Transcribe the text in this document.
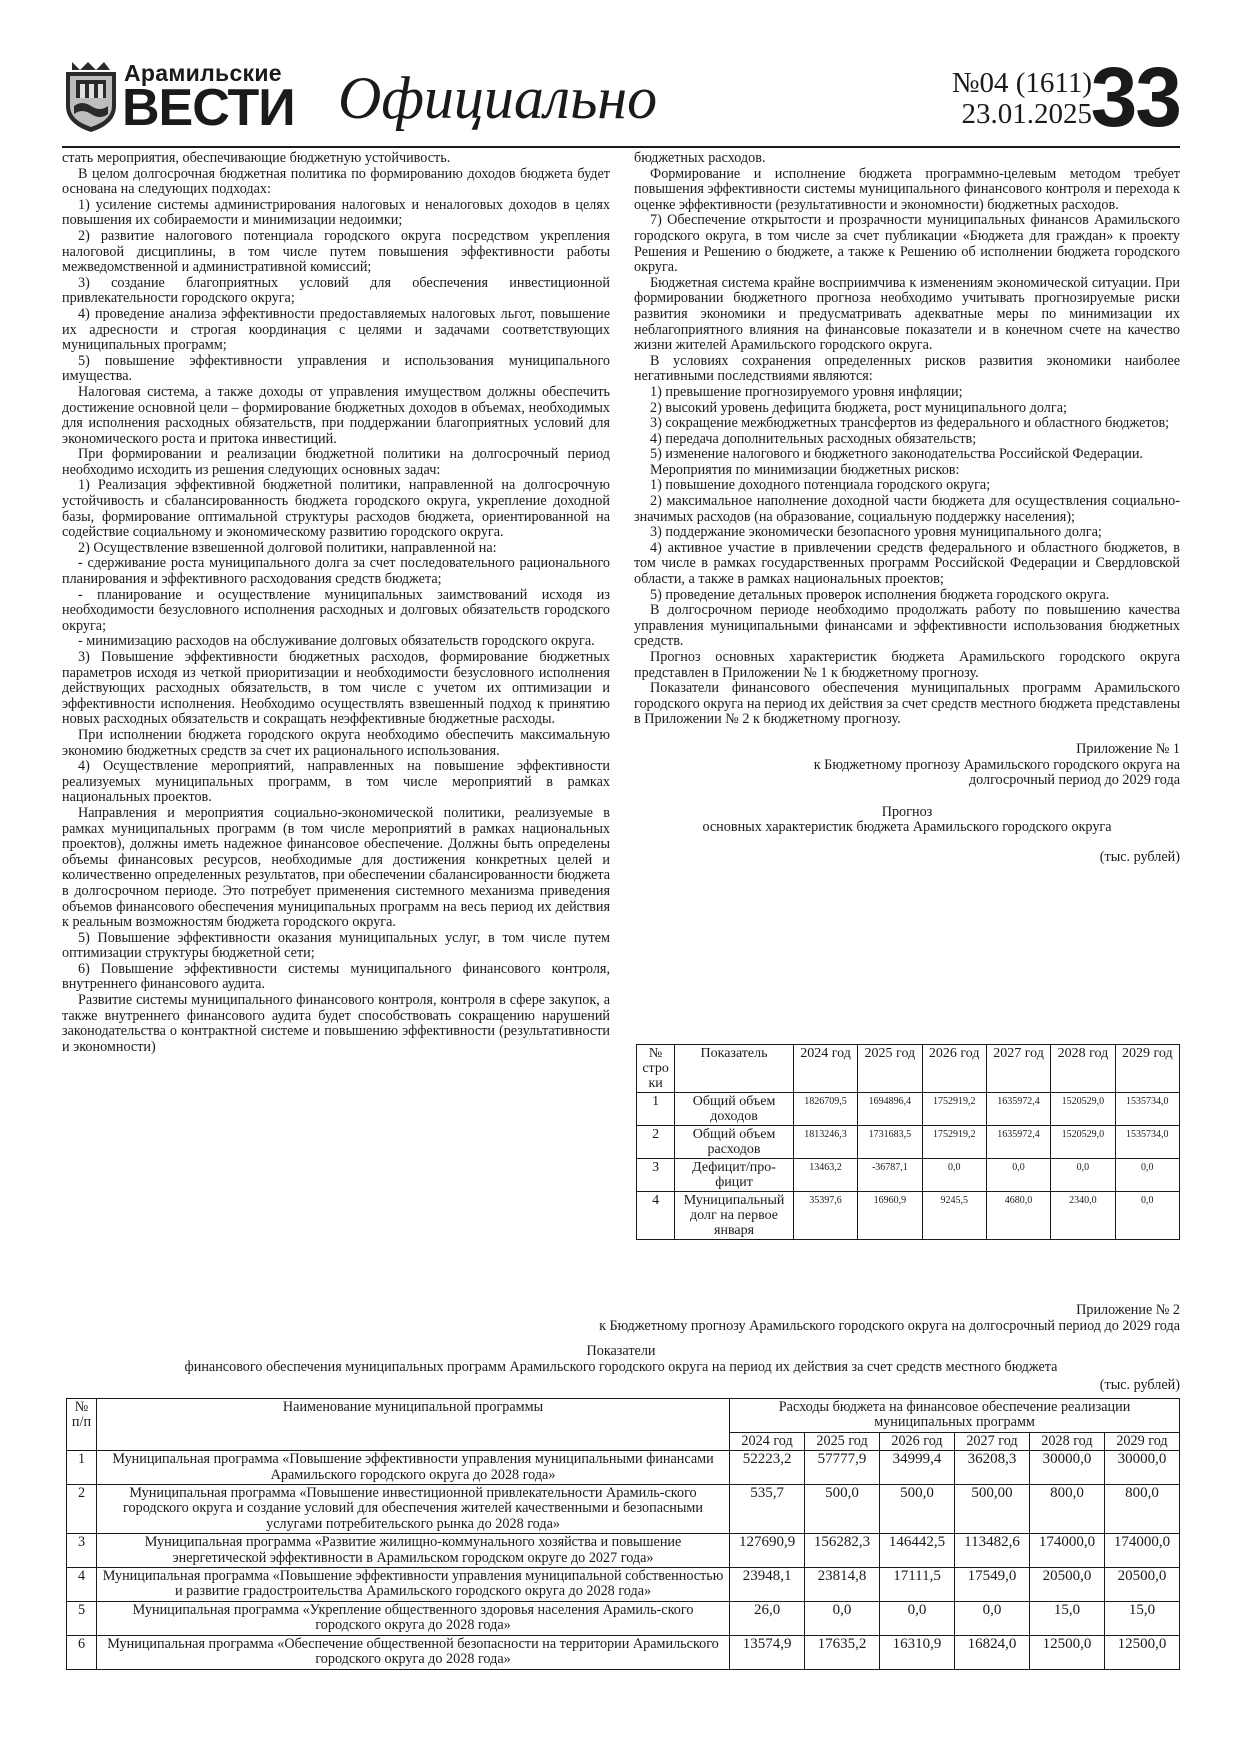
Арамильские
ВЕСТИ Официально	№04 (1611)
23.01.2025
33

стать мероприятия, обеспечивающие бюджетную устойчивость.

В целом долгосрочная бюджетная политика по формированию доходов бюджета будет основана на следующих подходах:

1) усиление системы администрирования налоговых и неналоговых доходов в целях повышения их собираемости и минимизации недоимки;

2) развитие налогового потенциала городского округа посредством укрепления налоговой дисциплины, в том числе путем повышения эффективности работы межведомственной и административной комиссий;

3) создание благоприятных условий для обеспечения инвестиционной привлекательности городского округа;

4) проведение анализа эффективности предоставляемых налоговых льгот, повышение их адресности и строгая координация с целями и задачами соответствующих муниципальных программ;

5) повышение эффективности управления и использования муниципального имущества.

Налоговая система, а также доходы от управления имуществом должны обеспечить достижение основной цели – формирование бюджетных доходов в объемах, необходимых для исполнения расходных обязательств, при поддержании благоприятных условий для экономического роста и притока инвестиций.

При формировании и реализации бюджетной политики на долгосрочный период необходимо исходить из решения следующих основных задач:

1) Реализация эффективной бюджетной политики, направленной на долгосрочную устойчивость и сбалансированность бюджета городского округа, укрепление доходной базы, формирование оптимальной структуры расходов бюджета, ориентированной на содействие социальному и экономическому развитию городского округа.

2) Осуществление взвешенной долговой политики, направленной на:

- сдерживание роста муниципального долга за счет последовательного рационального планирования и эффективного расходования средств бюджета;

- планирование и осуществление муниципальных заимствований исходя из необходимости безусловного исполнения расходных и долговых обязательств городского округа;

- минимизацию расходов на обслуживание долговых обязательств городского округа.

3) Повышение эффективности бюджетных расходов, формирование бюджетных параметров исходя из четкой приоритизации и необходимости безусловного исполнения действующих расходных обязательств, в том числе с учетом их оптимизации и эффективности исполнения. Необходимо осуществлять взвешенный подход к принятию новых расходных обязательств и сокращать неэффективные бюджетные расходы.

При исполнении бюджета городского округа необходимо обеспечить максимальную экономию бюджетных средств за счет их рационального использования.

4) Осуществление мероприятий, направленных на повышение эффективности реализуемых муниципальных программ, в том числе мероприятий в рамках национальных проектов.

Направления и мероприятия социально-экономической политики, реализуемые в рамках муниципальных программ (в том числе мероприятий в рамках национальных проектов), должны иметь надежное финансовое обеспечение. Должны быть определены объемы финансовых ресурсов, необходимые для достижения конкретных целей и количественно определенных результатов, при обеспечении сбалансированности бюджета в долгосрочном периоде. Это потребует применения системного механизма приведения объемов финансового обеспечения муниципальных программ на весь период их действия к реальным возможностям бюджета городского округа.

5) Повышение эффективности оказания муниципальных услуг, в том числе путем оптимизации структуры бюджетной сети;

6) Повышение эффективности системы муниципального финансового контроля, внутреннего финансового аудита.

Развитие системы муниципального финансового контроля, контроля в сфере закупок, а также внутреннего финансового аудита будет способствовать сокращению нарушений законодательства о контрактной системе и повышению эффективности (результативности и экономности)

бюджетных расходов.

Формирование и исполнение бюджета программно-целевым методом требует повышения эффективности системы муниципального финансового контроля и перехода к оценке эффективности (результативности и экономности) бюджетных расходов.

7) Обеспечение открытости и прозрачности муниципальных финансов Арамильского городского округа, в том числе за счет публикации «Бюджета для граждан» к проекту Решения и Решению о бюджете, а также к Решению об исполнении бюджета городского округа.

Бюджетная система крайне восприимчива к изменениям экономической ситуации. При формировании бюджетного прогноза необходимо учитывать прогнозируемые риски развития экономики и предусматривать адекватные меры по минимизации их неблагоприятного влияния на финансовые показатели и в конечном счете на качество жизни жителей Арамильского городского округа.

В условиях сохранения определенных рисков развития экономики наиболее негативными последствиями являются:

1) превышение прогнозируемого уровня инфляции;

2) высокий уровень дефицита бюджета, рост муниципального долга;

3) сокращение межбюджетных трансфертов из федерального и областного бюджетов;

4) передача дополнительных расходных обязательств;

5) изменение налогового и бюджетного законодательства Российской Федерации.

Мероприятия по минимизации бюджетных рисков:

1) повышение доходного потенциала городского округа;

2) максимальное наполнение доходной части бюджета для осуществления социально-значимых расходов (на образование, социальную поддержку населения);

3) поддержание экономически безопасного уровня муниципального долга;

4) активное участие в привлечении средств федерального и областного бюджетов, в том числе в рамках государственных программ Российской Федерации и Свердловской области, а также в рамках национальных проектов;

5) проведение детальных проверок исполнения бюджета городского округа.

В долгосрочном периоде необходимо продолжать работу по повышению качества управления муниципальными финансами и эффективности использования бюджетных средств.

Прогноз основных характеристик бюджета Арамильского городского округа представлен в Приложении № 1 к бюджетному прогнозу.

Показатели финансового обеспечения муниципальных программ Арамильского городского округа на период их действия за счет средств местного бюджета представлены в Приложении № 2 к бюджетному прогнозу.

Приложение № 1
к Бюджетному прогнозу Арамильского городского округа на
долгосрочный период до 2029 года
Прогноз
основных характеристик бюджета Арамильского городского округа
(тыс. рублей)
№ стро ки	Показатель	2024 год	2025 год	2026 год	2027 год	2028 год	2029 год
1	Общий объем доходов	1826709,5	1694896,4	1752919,2	1635972,4	1520529,0	1535734,0
2	Общий объем расходов	1813246,3	1731683,5	1752919,2	1635972,4	1520529,0	1535734,0
3	Дефицит/про- фицит	13463,2	-36787,1	0,0	0,0	0,0	0,0
4	Муниципальный долг на первое января	35397,6	16960,9	9245,5	4680,0	2340,0	0,0
Приложение № 2
к Бюджетному прогнозу Арамильского городского округа на долгосрочный период до 2029 года
Показатели
финансового обеспечения муниципальных программ Арамильского городского округа на период их действия за счет средств местного бюджета
(тыс. рублей)
№ п/п	Наименование муниципальной программы	Расходы бюджета на финансовое обеспечение реализации муниципальных программ					
		2024 год	2025 год	2026 год	2027 год	2028 год	2029 год
1	Муниципальная программа «Повышение эффективности управления муниципальными финансами Арамильского городского округа до 2028 года»	52223,2	57777,9	34999,4	36208,3	30000,0	30000,0
2	Муниципальная программа «Повышение инвестиционной привлекательности Арамиль-ского городского округа и создание условий для обеспечения жителей качественными и безопасными услугами потребительского рынка до 2028 года»	535,7	500,0	500,0	500,00	800,0	800,0
3	Муниципальная программа «Развитие жилищно-коммунального хозяйства и повышение энергетической эффективности в Арамильском городском округе до 2027 года»	127690,9	156282,3	146442,5	113482,6	174000,0	174000,0
4	Муниципальная программа «Повышение эффективности управления муниципальной собственностью и развитие градостроительства Арамильского городского округа до 2028 года»	23948,1	23814,8	17111,5	17549,0	20500,0	20500,0
5	Муниципальная программа «Укрепление общественного здоровья населения Арамиль-ского городского округа до 2028 года»	26,0	0,0	0,0	0,0	15,0	15,0
6	Муниципальная программа «Обеспечение общественной безопасности на территории Арамильского городского округа до 2028 года»	13574,9	17635,2	16310,9	16824,0	12500,0	12500,0
